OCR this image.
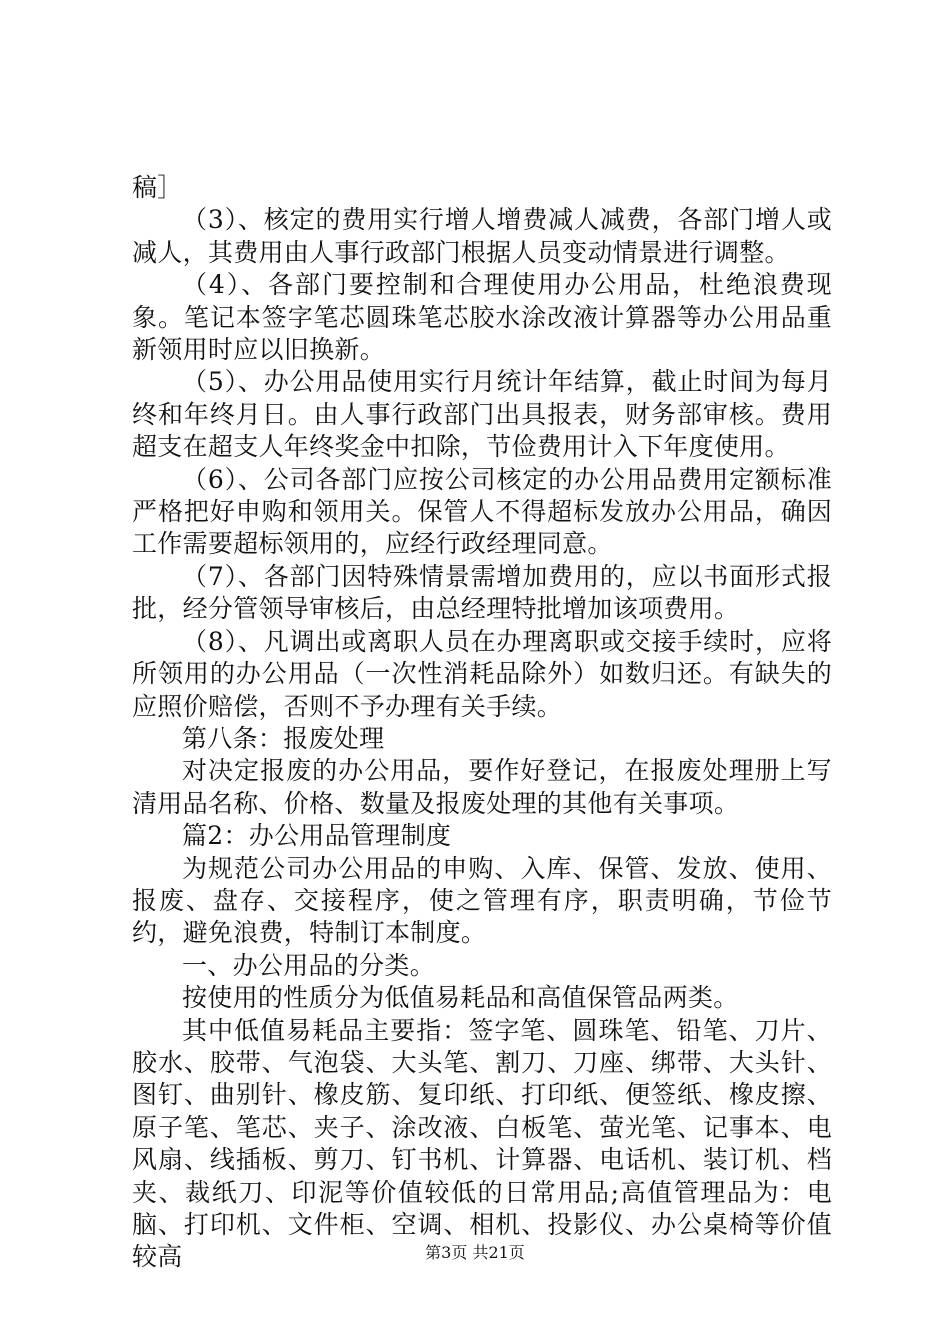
稿］

（3）、核定的费用实行增人增费减人减费，各部门增人或减人，其费用由人事行政部门根据人员变动情景进行调整。

（4）、各部门要控制和合理使用办公用品，杜绝浪费现象。笔记本签字笔芯圆珠笔芯胶水涂改液计算器等办公用品重新领用时应以旧换新。

（5）、办公用品使用实行月统计年结算，截止时间为每月终和年终月日。由人事行政部门出具报表，财务部审核。费用超支在超支人年终奖金中扣除，节俭费用计入下年度使用。

（6）、公司各部门应按公司核定的办公用品费用定额标准严格把好申购和领用关。保管人不得超标发放办公用品，确因工作需要超标领用的，应经行政经理同意。

（7）、各部门因特殊情景需增加费用的，应以书面形式报批，经分管领导审核后，由总经理特批增加该项费用。

（8）、凡调出或离职人员在办理离职或交接手续时，应将所领用的办公用品（一次性消耗品除外）如数归还。有缺失的应照价赔偿，否则不予办理有关手续。

第八条：报废处理

对决定报废的办公用品，要作好登记，在报废处理册上写清用品名称、价格、数量及报废处理的其他有关事项。

篇2：办公用品管理制度

为规范公司办公用品的申购、入库、保管、发放、使用、报废、盘存、交接程序，使之管理有序，职责明确，节俭节约，避免浪费，特制订本制度。

一、办公用品的分类。

按使用的性质分为低值易耗品和高值保管品两类。

其中低值易耗品主要指：签字笔、圆珠笔、铅笔、刀片、胶水、胶带、气泡袋、大头笔、割刀、刀座、绑带、大头针、图钉、曲别针、橡皮筋、复印纸、打印纸、便签纸、橡皮擦、原子笔、笔芯、夹子、涂改液、白板笔、萤光笔、记事本、电风扇、线插板、剪刀、钉书机、计算器、电话机、装订机、档夹、裁纸刀、印泥等价值较低的日常用品;高值管理品为：电脑、打印机、文件柜、空调、相机、投影仪、办公桌椅等价值较高	第3页 共21页
